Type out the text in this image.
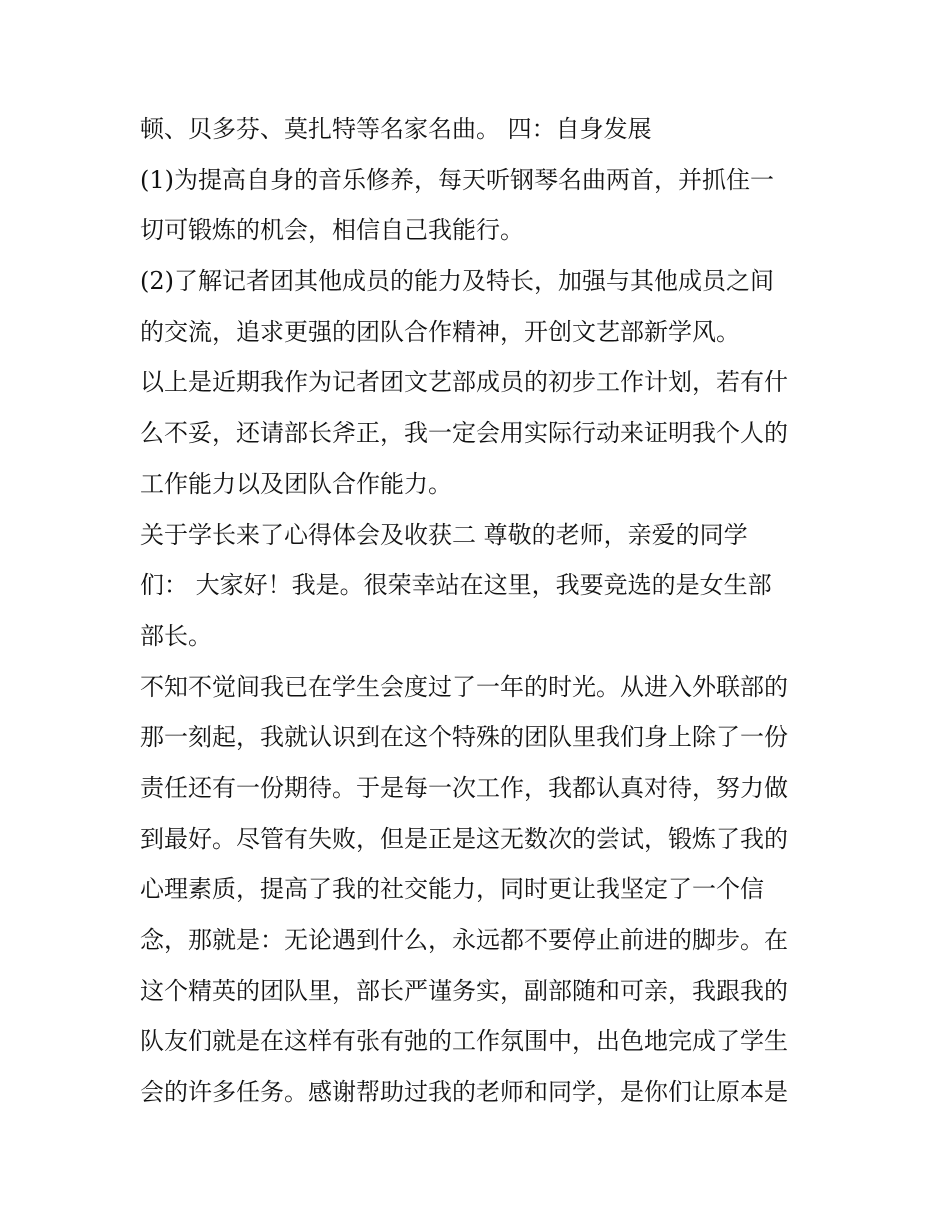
顿、贝多芬、莫扎特等名家名曲。 四：自身发展
(1)为提高自身的音乐修养，每天听钢琴名曲两首，并抓住一
切可锻炼的机会，相信自己我能行。
(2)了解记者团其他成员的能力及特长，加强与其他成员之间
的交流，追求更强的团队合作精神，开创文艺部新学风。
以上是近期我作为记者团文艺部成员的初步工作计划，若有什
么不妥，还请部长斧正，我一定会用实际行动来证明我个人的
工作能力以及团队合作能力。
关于学长来了心得体会及收获二 尊敬的老师，亲爱的同学
们： 大家好！我是。很荣幸站在这里，我要竞选的是女生部
部长。
不知不觉间我已在学生会度过了一年的时光。从进入外联部的
那一刻起，我就认识到在这个特殊的团队里我们身上除了一份
责任还有一份期待。于是每一次工作，我都认真对待，努力做
到最好。尽管有失败，但是正是这无数次的尝试，锻炼了我的
心理素质，提高了我的社交能力，同时更让我坚定了一个信
念，那就是：无论遇到什么，永远都不要停止前进的脚步。在
这个精英的团队里，部长严谨务实，副部随和可亲，我跟我的
队友们就是在这样有张有弛的工作氛围中，出色地完成了学生
会的许多任务。感谢帮助过我的老师和同学，是你们让原本是
